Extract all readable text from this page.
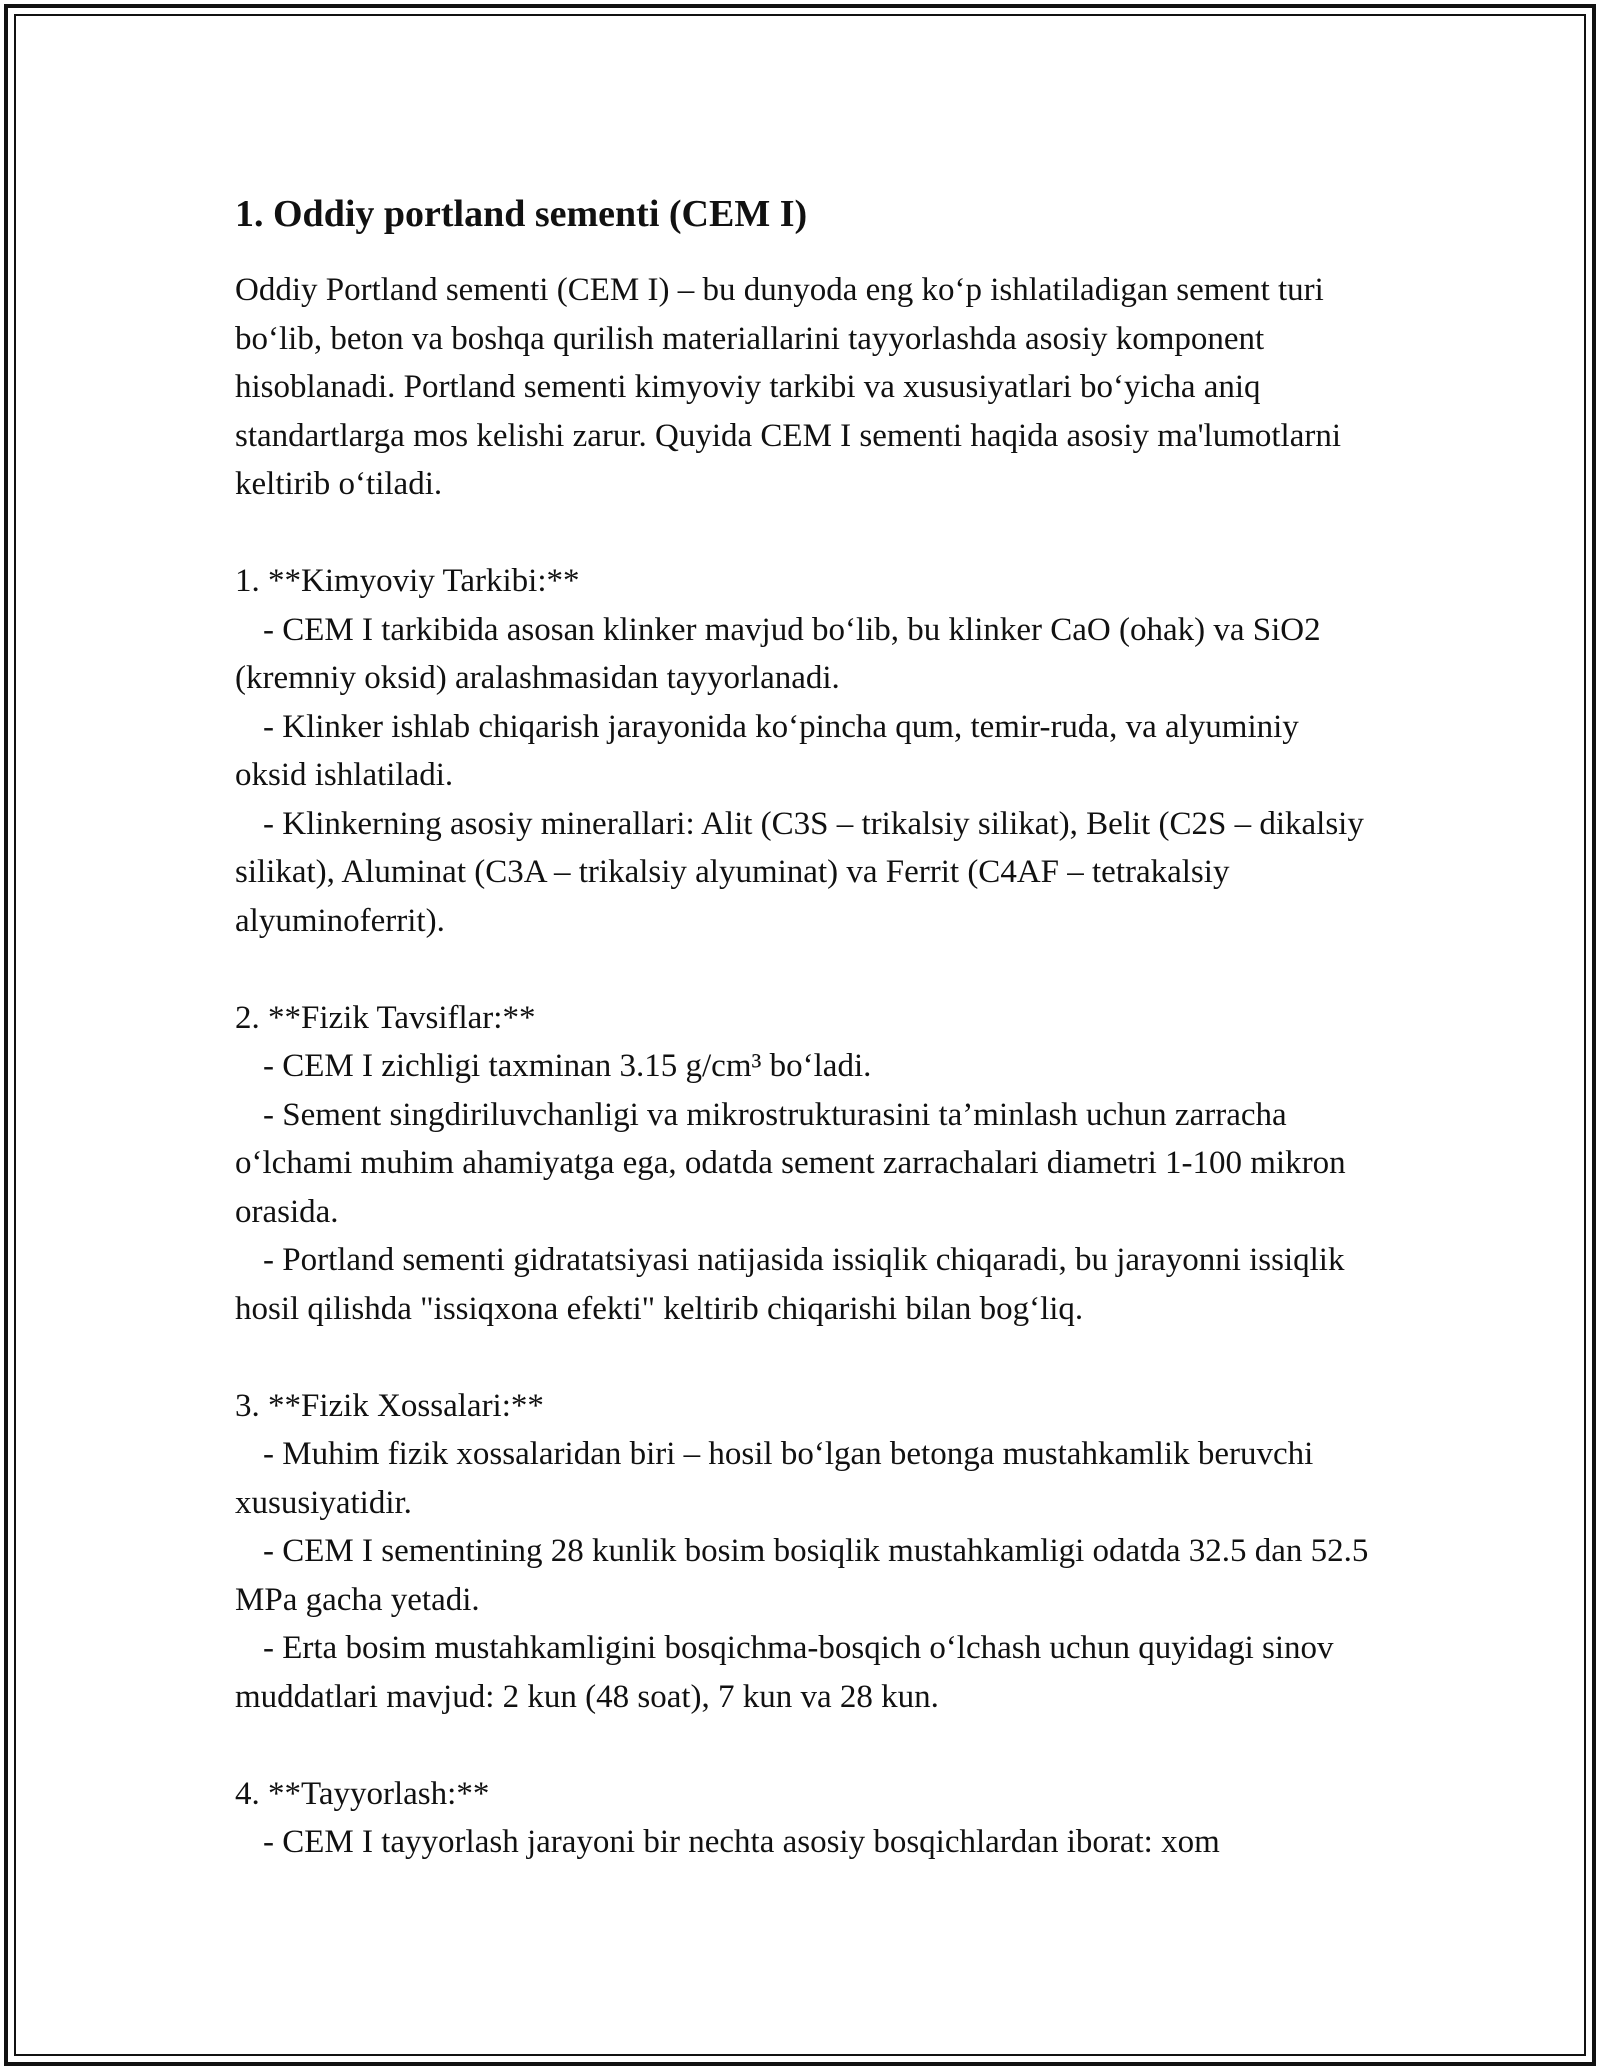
1. Oddiy portland sementi (CEM I)

Oddiy Portland sementi (CEM I) – bu dunyoda eng ko‘p ishlatiladigan sement turi bo‘lib, beton va boshqa qurilish materiallarini tayyorlashda asosiy komponent hisoblanadi. Portland sementi kimyoviy tarkibi va xususiyatlari bo‘yicha aniq standartlarga mos kelishi zarur. Quyida CEM I sementi haqida asosiy ma'lumotlarni keltirib o‘tiladi.

1. **Kimyoviy Tarkibi:**

- CEM I tarkibida asosan klinker mavjud bo‘lib, bu klinker CaO (ohak) va SiO2 (kremniy oksid) aralashmasidan tayyorlanadi.

- Klinker ishlab chiqarish jarayonida ko‘pincha qum, temir-ruda, va alyuminiy oksid ishlatiladi.

- Klinkerning asosiy minerallari: Alit (C3S – trikalsiy silikat), Belit (C2S – dikalsiy silikat), Aluminat (C3A – trikalsiy alyuminat) va Ferrit (C4AF – tetrakalsiy alyuminoferrit).

2. **Fizik Tavsiflar:**

- CEM I zichligi taxminan 3.15 g/cm³ bo‘ladi.

- Sement singdiriluvchanligi va mikrostrukturasini ta’minlash uchun zarracha o‘lchami muhim ahamiyatga ega, odatda sement zarrachalari diametri 1-100 mikron orasida.

- Portland sementi gidratatsiyasi natijasida issiqlik chiqaradi, bu jarayonni issiqlik hosil qilishda "issiqxona efekti" keltirib chiqarishi bilan bog‘liq.

3. **Fizik Xossalari:**

- Muhim fizik xossalaridan biri – hosil bo‘lgan betonga mustahkamlik beruvchi xususiyatidir.

- CEM I sementining 28 kunlik bosim bosiqlik mustahkamligi odatda 32.5 dan 52.5 MPa gacha yetadi.

- Erta bosim mustahkamligini bosqichma-bosqich o‘lchash uchun quyidagi sinov muddatlari mavjud: 2 kun (48 soat), 7 kun va 28 kun.

4. **Tayyorlash:**

- CEM I tayyorlash jarayoni bir nechta asosiy bosqichlardan iborat: xom
